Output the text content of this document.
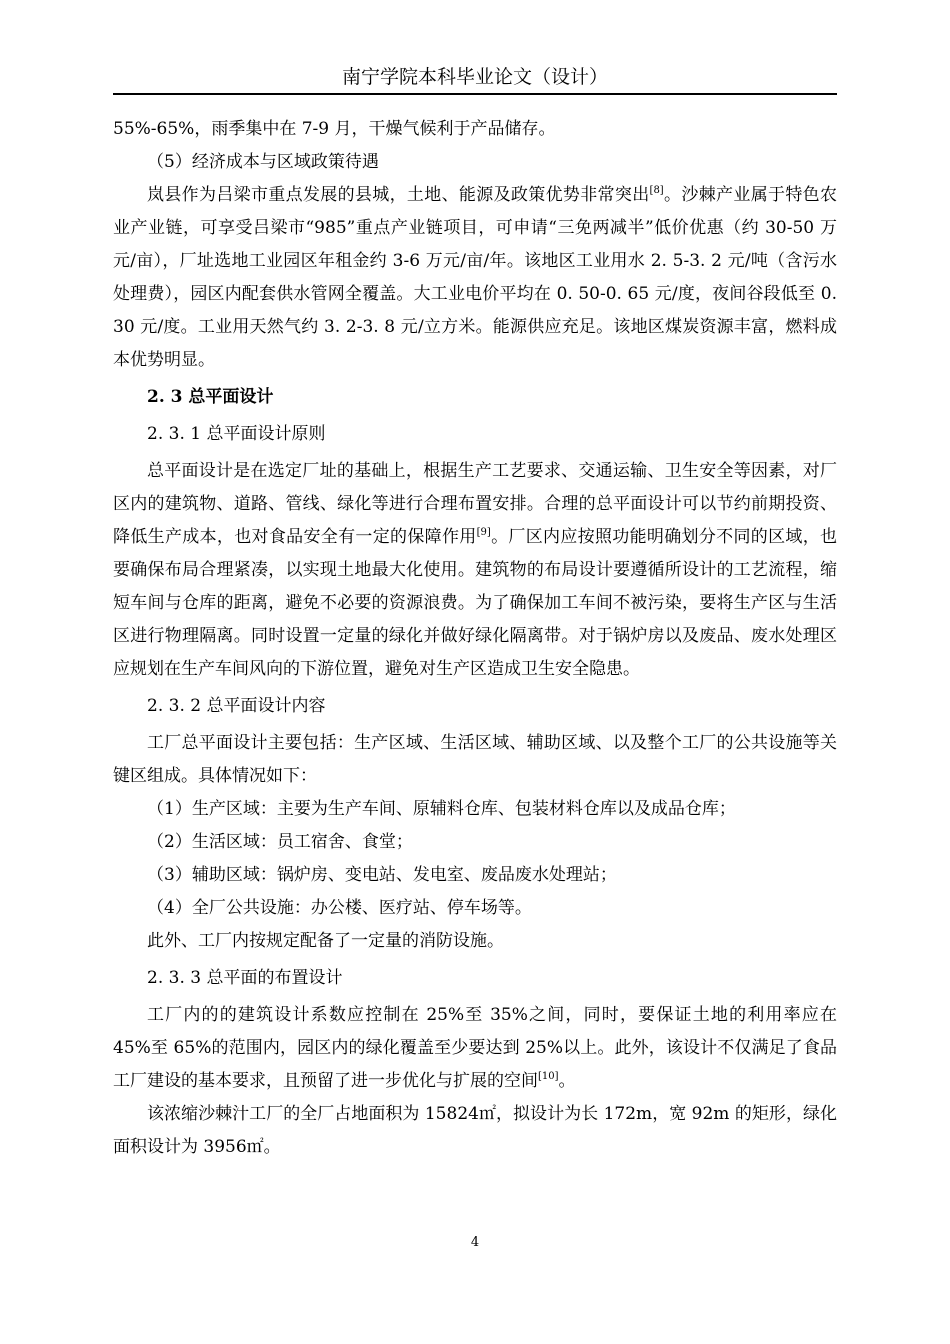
南宁学院本科毕业论文（设计）

55%-65%，雨季集中在 7-9 月，干燥气候利于产品储存。

（5）经济成本与区域政策待遇

岚县作为吕梁市重点发展的县城，土地、能源及政策优势非常突出[8]。沙棘产业属于特色农业产业链，可享受吕梁市“985”重点产业链项目，可申请“三免两减半”低价优惠（约 30-50 万元/亩），厂址选地工业园区年租金约 3-6 万元/亩/年。该地区工业用水 2. 5-3. 2 元/吨（含污水处理费），园区内配套供水管网全覆盖。大工业电价平均在 0. 50-0. 65 元/度，夜间谷段低至 0. 30 元/度。工业用天然气约 3. 2-3. 8 元/立方米。能源供应充足。该地区煤炭资源丰富，燃料成本优势明显。

2. 3 总平面设计

2. 3. 1 总平面设计原则

总平面设计是在选定厂址的基础上，根据生产工艺要求、交通运输、卫生安全等因素，对厂区内的建筑物、道路、管线、绿化等进行合理布置安排。合理的总平面设计可以节约前期投资、降低生产成本，也对食品安全有一定的保障作用[9]。厂区内应按照功能明确划分不同的区域，也要确保布局合理紧凑，以实现土地最大化使用。建筑物的布局设计要遵循所设计的工艺流程，缩短车间与仓库的距离，避免不必要的资源浪费。为了确保加工车间不被污染，要将生产区与生活区进行物理隔离。同时设置一定量的绿化并做好绿化隔离带。对于锅炉房以及废品、废水处理区应规划在生产车间风向的下游位置，避免对生产区造成卫生安全隐患。

2. 3. 2 总平面设计内容

工厂总平面设计主要包括：生产区域、生活区域、辅助区域、以及整个工厂的公共设施等关键区组成。具体情况如下：

（1）生产区域：主要为生产车间、原辅料仓库、包装材料仓库以及成品仓库；

（2）生活区域：员工宿舍、食堂；

（3）辅助区域：锅炉房、变电站、发电室、废品废水处理站；

（4）全厂公共设施：办公楼、医疗站、停车场等。

此外、工厂内按规定配备了一定量的消防设施。

2. 3. 3 总平面的布置设计

工厂内的的建筑设计系数应控制在 25%至 35%之间，同时，要保证土地的利用率应在 45%至 65%的范围内，园区内的绿化覆盖至少要达到 25%以上。此外，该设计不仅满足了食品工厂建设的基本要求，且预留了进一步优化与扩展的空间[10]。

该浓缩沙棘汁工厂的全厂占地面积为 15824㎡，拟设计为长 172m，宽 92m 的矩形，绿化面积设计为 3956㎡。

4
